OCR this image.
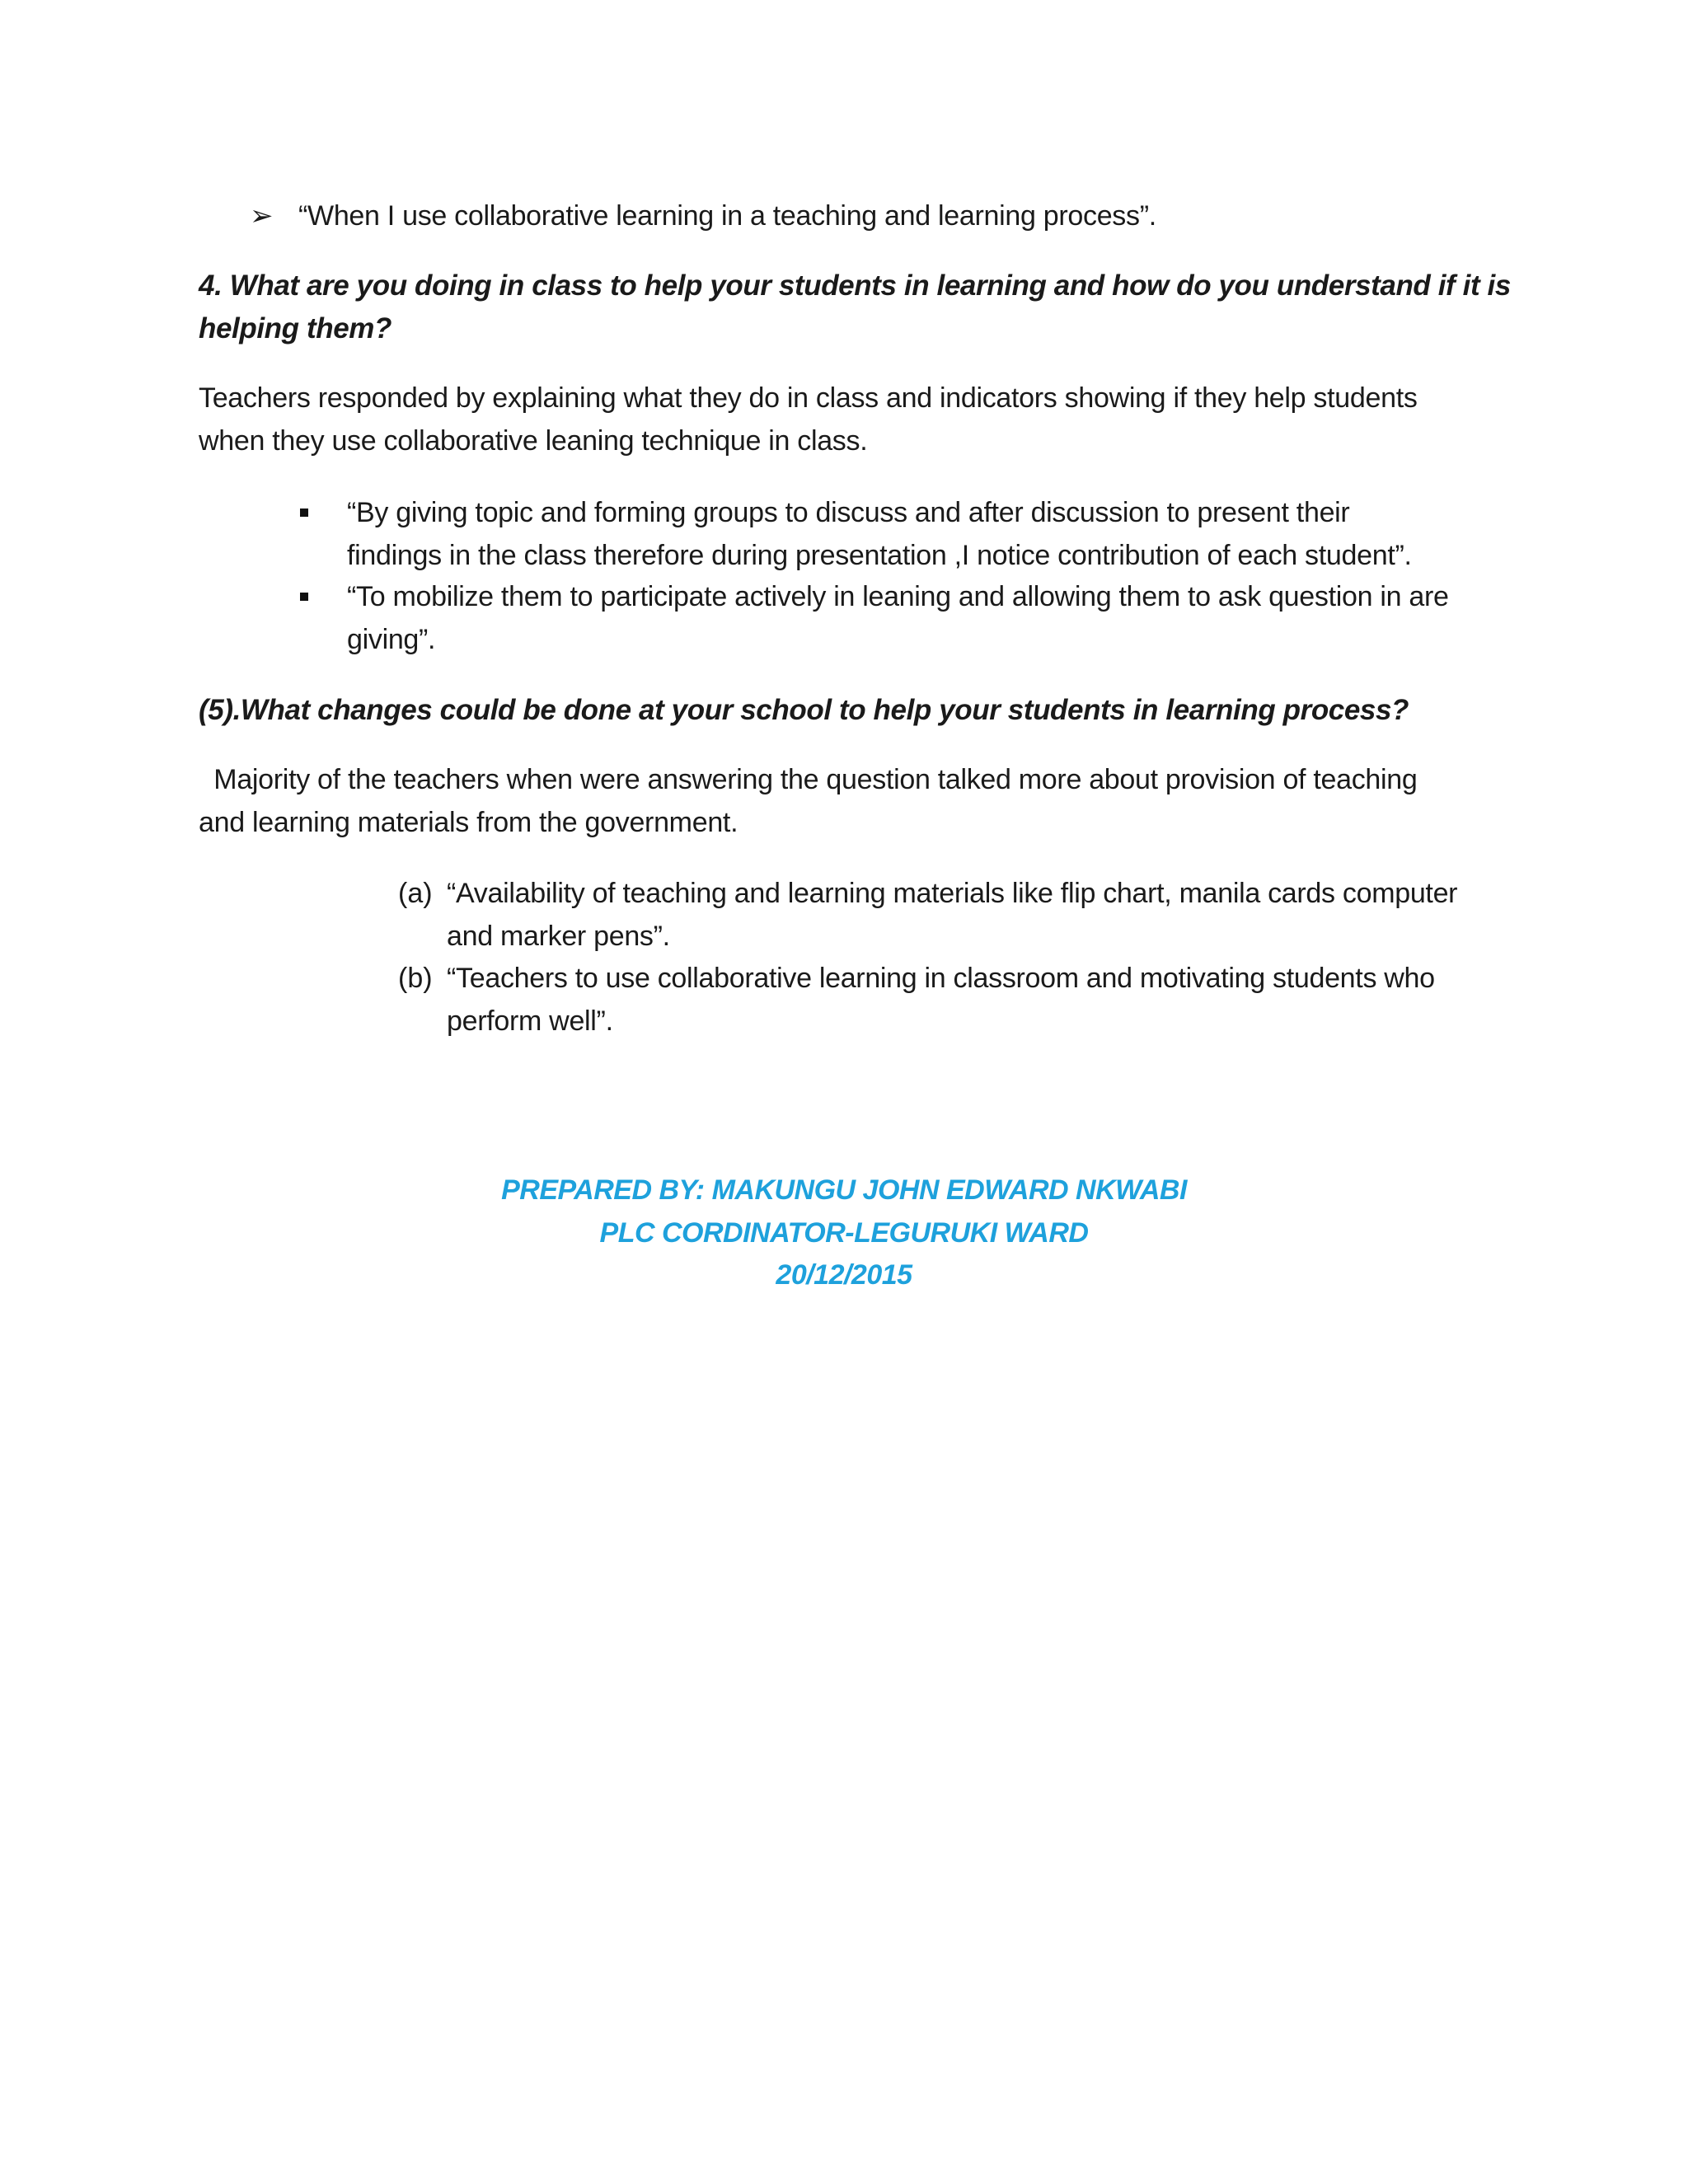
➢ “When I use collaborative learning in a teaching and learning process”.
4. What are you doing in class to help your students in learning and how do you understand if it is
helping them?
Teachers responded by explaining what they do in class and indicators showing if they help students
when they use collaborative leaning technique in class.
“By giving topic and forming groups to discuss and after discussion to present their
findings in the class therefore during presentation ,I notice contribution of each student”.
“To mobilize them to participate actively in leaning and allowing them to ask question in are
giving”.
(5).What changes could be done at your school to help your students in learning process?
Majority of the teachers when were answering the question talked more about provision of teaching
and learning materials from the government.
(a) “Availability of teaching and learning materials like flip chart, manila cards computer
and marker pens”.
(b) “Teachers to use collaborative learning in classroom and motivating students who
perform well”.
PREPARED BY: MAKUNGU JOHN EDWARD NKWABI
PLC CORDINATOR-LEGURUKI WARD
20/12/2015
